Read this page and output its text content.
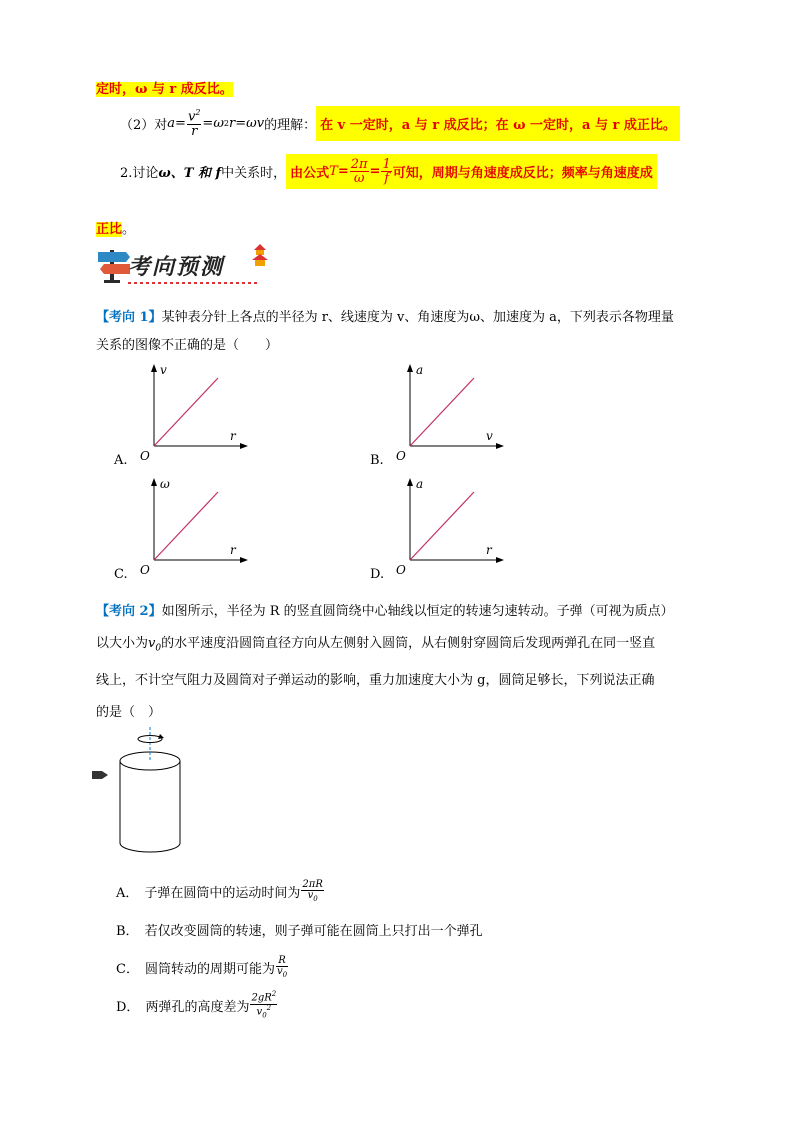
定时，ω 与 r 成反比。
（2）对 $a = \frac{v^2}{r} = \omega$ 2 r = ωv 的理解： 在 v 一定时，a 与 r 成反比；在 ω 一定时，a 与 r 成正比。
2.讨论 ω、T 和 f 中关系时， 由公式 $T = \frac{2\pi}{\omega} = \frac{1}{f}$ 可知，周期与角速度成反比；频率与角速度成
正比。
考向预测
【考向 1】某钟表分针上各点的半径为 r、线速度为 v、角速度为ω、加速度为 a，下列表示各物理量
关系的图像不正确的是（　　）
v
r
O
A.
a
v
O
B.
ω
r
O
C.
a
r
O
D.
【考向 2】如图所示，半径为 R 的竖直圆筒绕中心轴线以恒定的转速匀速转动。子弹（可视为质点）
以大小为$v_0$的水平速度沿圆筒直径方向从左侧射入圆筒，从右侧射穿圆筒后发现两弹孔在同一竖直
线上，不计空气阻力及圆筒对子弹运动的影响，重力加速度大小为 g，圆筒足够长，下列说法正确
的是（　）
A． 子弹在圆筒中的运动时间为 $\frac{2\pi R}{v_0}$
B． 若仅改变圆筒的转速，则子弹可能在圆筒上只打出一个弹孔
C． 圆筒转动的周期可能为 $\frac{R}{v_0}$
D． 两弹孔的高度差为 $\frac{2gR^2}{v_0^2}$
